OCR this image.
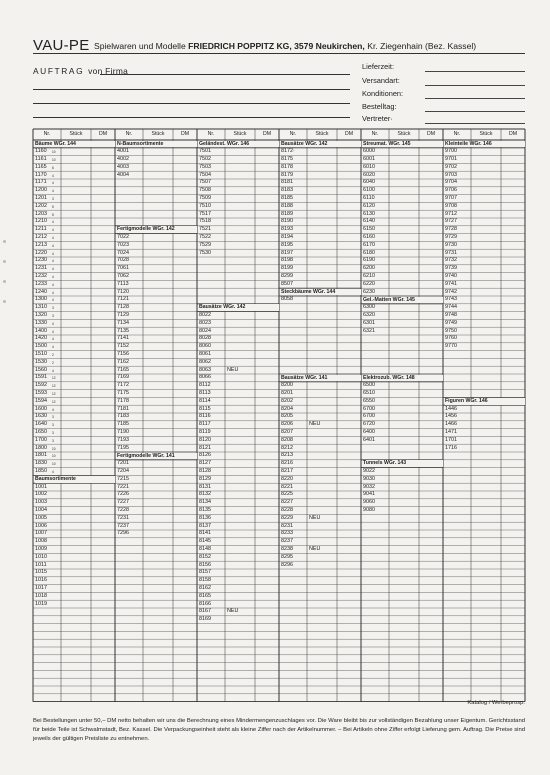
VAU-PE Spielwaren und Modelle FRIEDRICH POPPITZ KG, 3579 Neukirchen, Kr. Ziegenhain (Bez. Kassel)
AUFTRAG von Firma	Lieferzeit:
Versandart:
Konditionen:
Bestelltag:
Vertreter·
Nr.	Stück	DM
Bäume WGr. 144
1160 10
1161 10
1165 6
1170 4
1171 4
1200 4
1201 3
1202 5
1203 5
1210 4
1211 4
1212 4
1213 4
1220 4
1230 4
1231 4
1232 4
1233 4
1240 4
1300 4
1310 3
1320 3
1330 4
1400 4
1420 4
1500 4
1510 2
1530 2
1560 4
1591 12
1592 12
1593 12
1594 12
1600 4
1630 3
1640 3
1650 3
1700 3
1800 10
1801 10
1830 10
1850 4
Baumsortimente
1001
1002
1003
1004
1005
1006
1007
1008
1009
1010
1011
1015
1016
1017
1018
1019
Nr.	Stück	DM
N-Baumsortimente
4001
4002
4003
4004
Fertigmodelle WGr. 142
7022
7023
7024
7028
7061
7062
7113
7120
7121
7128
7129
7134
7135
7141
7152
7156
7162
7165
7169
7172
7175
7178
7181
7183
7185
7190
7193
7195
Fertigmodelle WGr. 141
7201
7204
7215
7221
7226
7227
7228
7231
7237
7296
Nr.	Stück	DM
Geländest. WGr. 146
7501
7502
7503
7504
7507
7508
7509
7510
7517
7518
7521
7522
7529
7530
Bausätze WGr. 142
8022
8023
8024
8028
8060
8061
8062
8063	NEU
8066
8112
8113
8114
8115
8116
8117
8119
8120
8121
8126
8127
8128
8129
8131
8132
8134
8135
8136
8137
8141
8145
8148
8152
8156
8157
8158
8162
8165
8166
8167	NEU
8169
Nr.	Stück	DM
Bausätze WGr. 142
8172·
8175
8178
8179
8181
8183
8185
8188
8189
8190
8193
8194
8195
8197
8198
8199
8299
8507
Steckbäume WGr. 144
8058
Bausätze WGr. 141
8200
8201
8202
8204
8205
8206	NEU
8207
8208
8212
8213
8216
8217
8220
8221
8225
8227
8228
8229	NEU
8231
8233
8237
8238	NEU
8295
8296
Nr.	Stück	DM
Streumat. WGr. 145
6000
6001
6010
6020
6040
6100
6110
6120
6130
6140
6150
6160
6170
6180
6190
6200
6210
6220
6230
Gel.-Matten WGr. 145
6300
6320
6301
6321
Elektrozub. WGr. 148
6500
6510
6550
6700
6700
6720
6400
6401
Tunnels WGr. 143
9022
9030
9032
9041
9060
9080
Nr.	Stück	DM
Kleinteile WGr. 146
9700
9701
9702
9703
9704
9706
9707
9708
9712
9727
9728
9729
9730
9731
9732
9739
9740
9741
9742
9743
9744
9748
9749
9750
9760
9770
Figuren WGr. 146
1446
1456
1466
1471
1701
1716
Katalog / Werbeprosp.
Bei Bestellungen unter 50,– DM netto behalten wir uns die Berechnung eines Mindermengenzuschlages vor. Die Ware bleibt bis zur vollständigen Bezahlung unser Eigentum. Gerichtsstand für beide Teile ist Schwalmstadt, Bez. Kassel. Die Verpackungseinheit steht als kleine Ziffer nach der Artikelnummer. – Bei Artikeln ohne Ziffer erfolgt Lieferung gem. Auftrag. Die Preise sind jeweils der gültigen Preisliste zu entnehmen.
